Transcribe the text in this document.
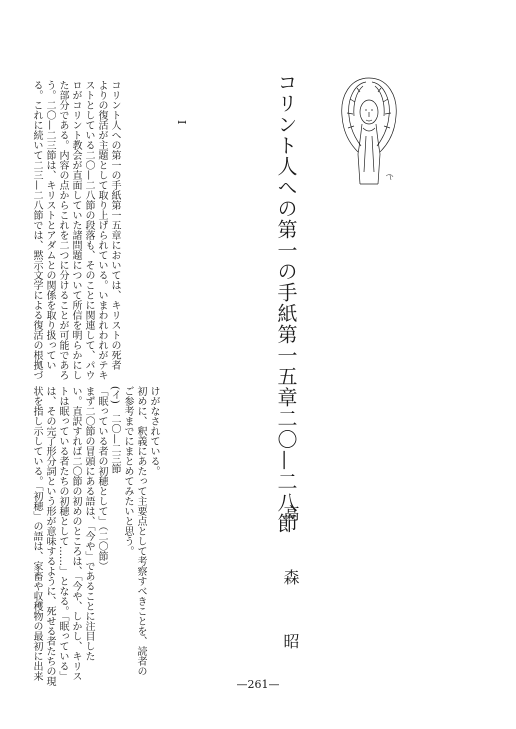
コリント人への第一の手紙第一五章二〇—二八節
高　森　昭
I
コリント人への第一の手紙第一五章においては、キリストの死者
よりの復活が主題として取り上げられている。いまわれわれがテキ
ストとしている二〇—二八節の段落も、そのことに関連して、パウ
ロがコリント教会が直面していた諸問題について所信を明らかにし
た部分である。内容の点からこれを二つに分けることが可能であろ
う。二〇—二三節は、キリストとアダムとの関係を取り扱ってい
る。これに続いて二三—二八節では、黙示文学による復活の根拠づ
けがなされている。
初めに、釈義にあたって主要点として考察すべきことを、読者の
ご参考までにまとめてみたいと思う。
(イ)　二〇—二三節
「眠っている者の初穂として」（二〇節）
まず二〇節の冒頭にある語は、「今や」であることに注目した
い。直訳すれば二〇節の初めのところは、「今や、しかし、キリス
トは眠っている者たちの初穂として……」となる。「眠っている」
は、その完了形分詞という形が意味するように、死せる者たちの現
状を指し示している。「初穂」の語は、家畜や収穫物の最初に出来
—261—
